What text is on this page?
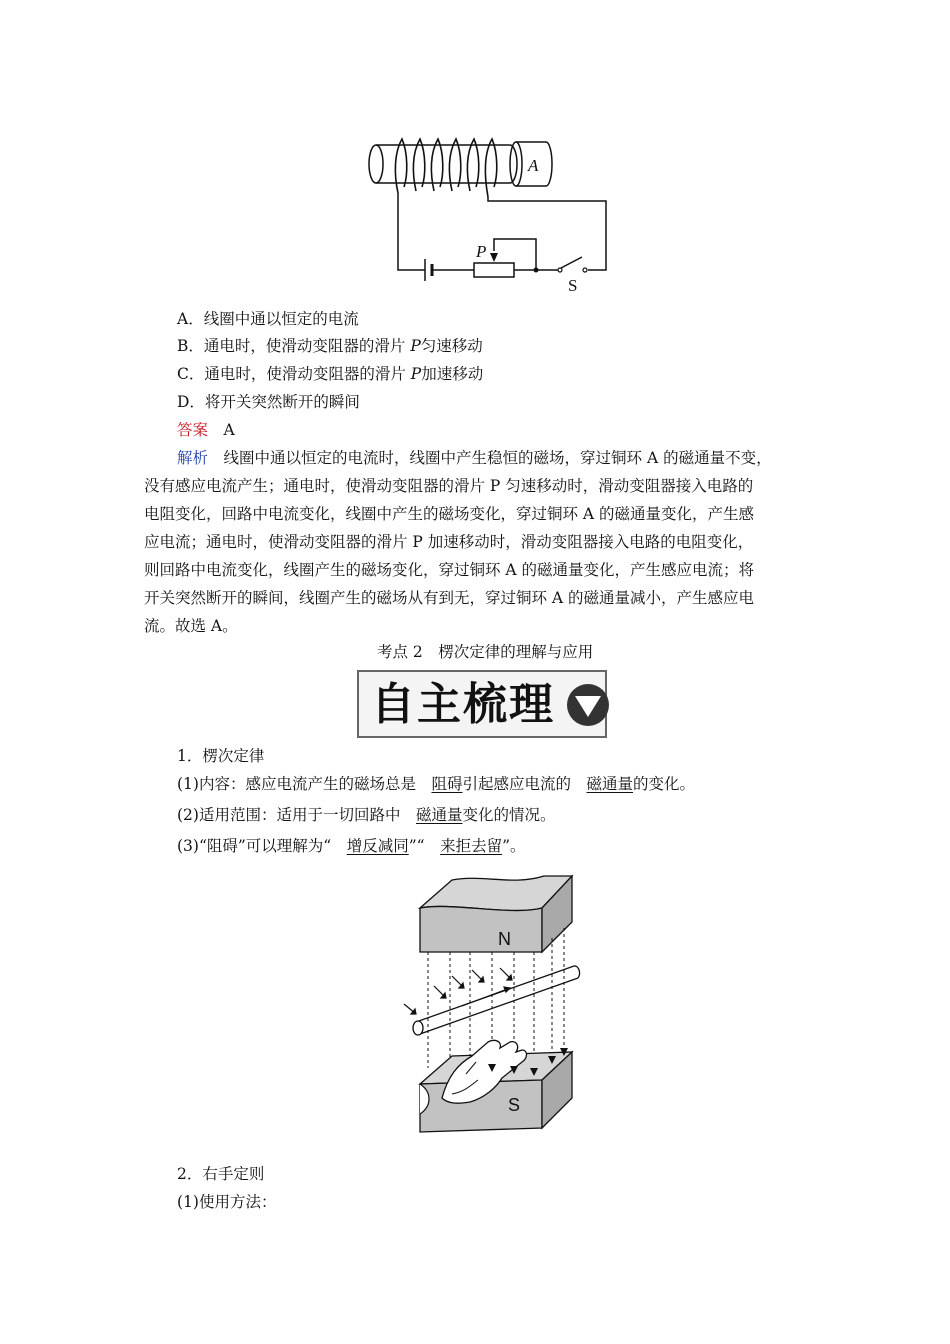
A
P
S
A．线圈中通以恒定的电流
B．通电时，使滑动变阻器的滑片 P匀速移动
C．通电时，使滑动变阻器的滑片 P加速移动
D．将开关突然断开的瞬间
答案　 A
解析　 线圈中通以恒定的电流时，线圈中产生稳恒的磁场，穿过铜环 A 的磁通量不变，
没有感应电流产生；通电时，使滑动变阻器的滑片 P 匀速移动时，滑动变阻器接入电路的
电阻变化，回路中电流变化，线圈中产生的磁场变化，穿过铜环 A 的磁通量变化，产生感
应电流；通电时，使滑动变阻器的滑片 P 加速移动时，滑动变阻器接入电路的电阻变化，
则回路中电流变化，线圈产生的磁场变化，穿过铜环 A 的磁通量变化，产生感应电流；将
开关突然断开的瞬间，线圈产生的磁场从有到无，穿过铜环 A 的磁通量减小，产生感应电
流。故选 A。
考点 2　楞次定律的理解与应用
自主梳理
1．楞次定律
(1)内容：感应电流产生的磁场总是　阻碍引起感应电流的　磁通量的变化。
(2)适用范围：适用于一切回路中　磁通量变化的情况。
(3)“阻碍”可以理解为“　增反减同”“　来拒去留”。
N
S
2．右手定则
(1)使用方法：
